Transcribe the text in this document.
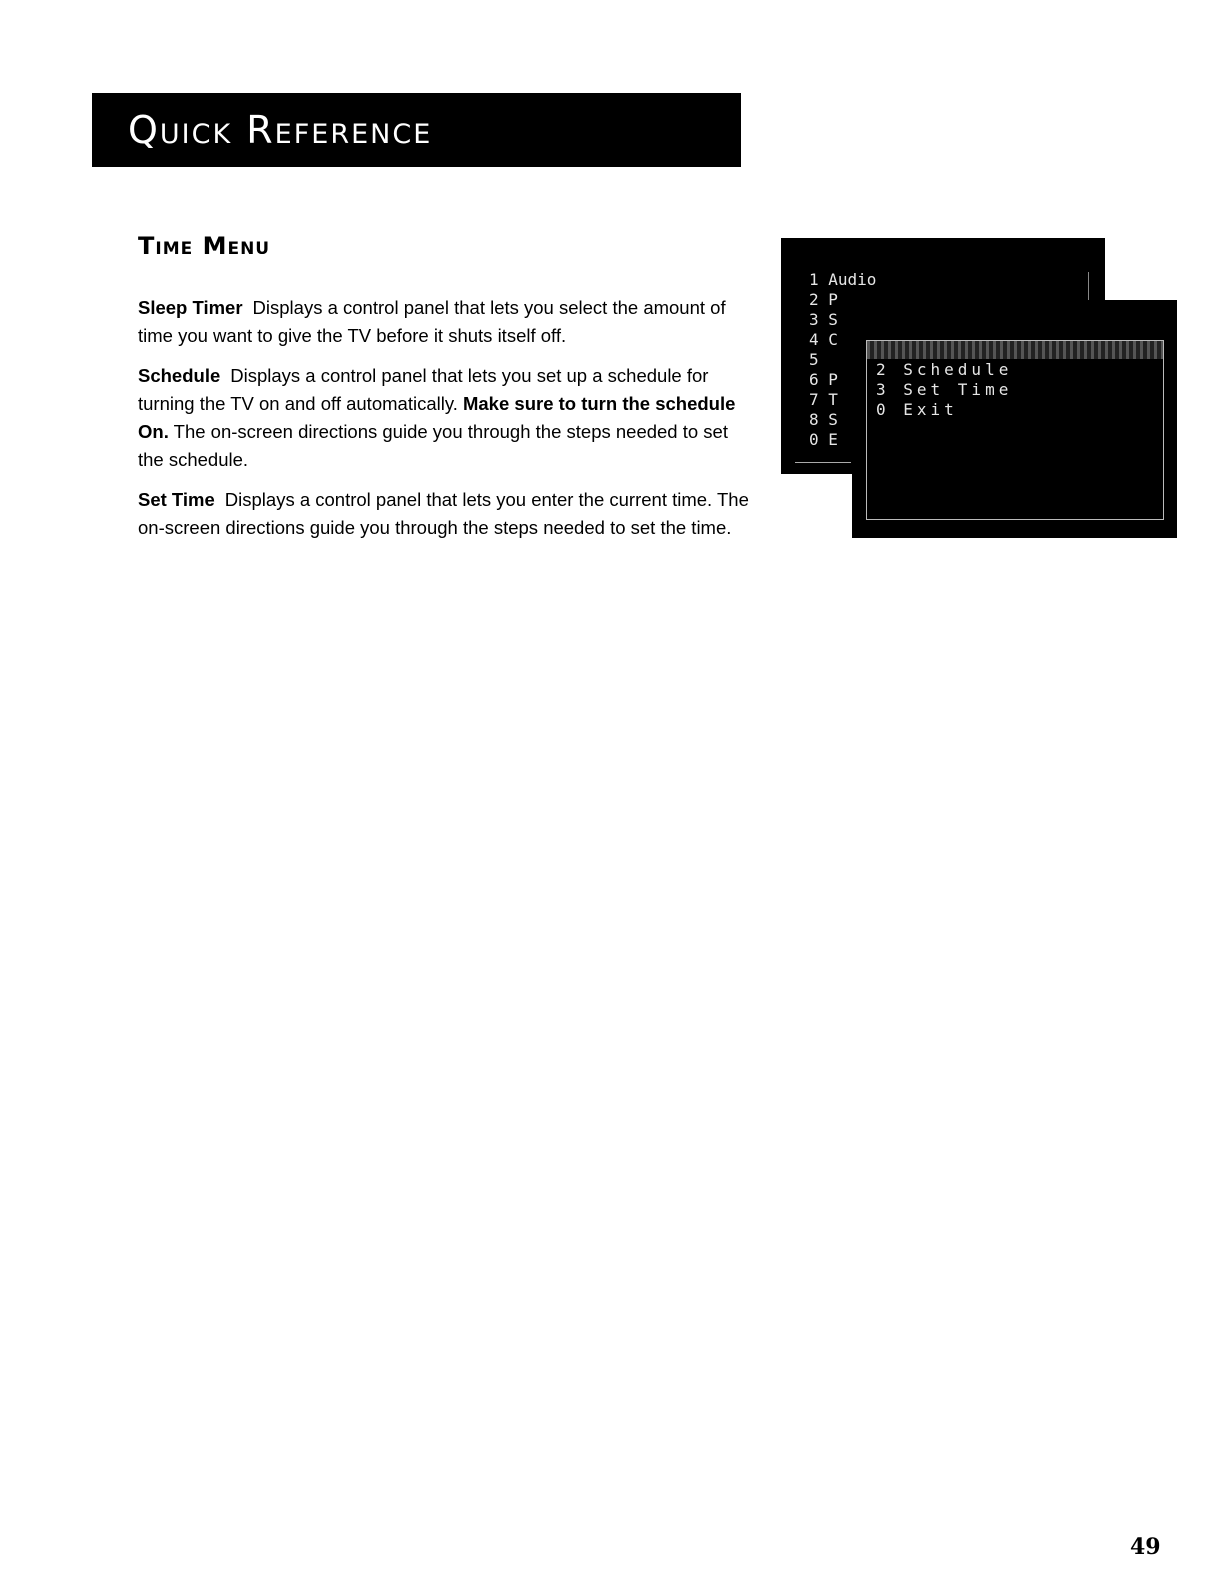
Quick Reference
Time Menu

Sleep Timer Displays a control panel that lets you select the amount of time you want to give the TV before it shuts itself off.

Schedule Displays a control panel that lets you set up a schedule for turning the TV on and off automatically. Make sure to turn the schedule On. The on-screen directions guide you through the steps needed to set the schedule.

Set Time Displays a control panel that lets you enter the current time. The on-screen directions guide you through the steps needed to set the time.

1 Audio
2 P
3 S
4 C
5
6 P
7 T
8 S
0 E
2 Schedule
3 Set Time
0 Exit
49
